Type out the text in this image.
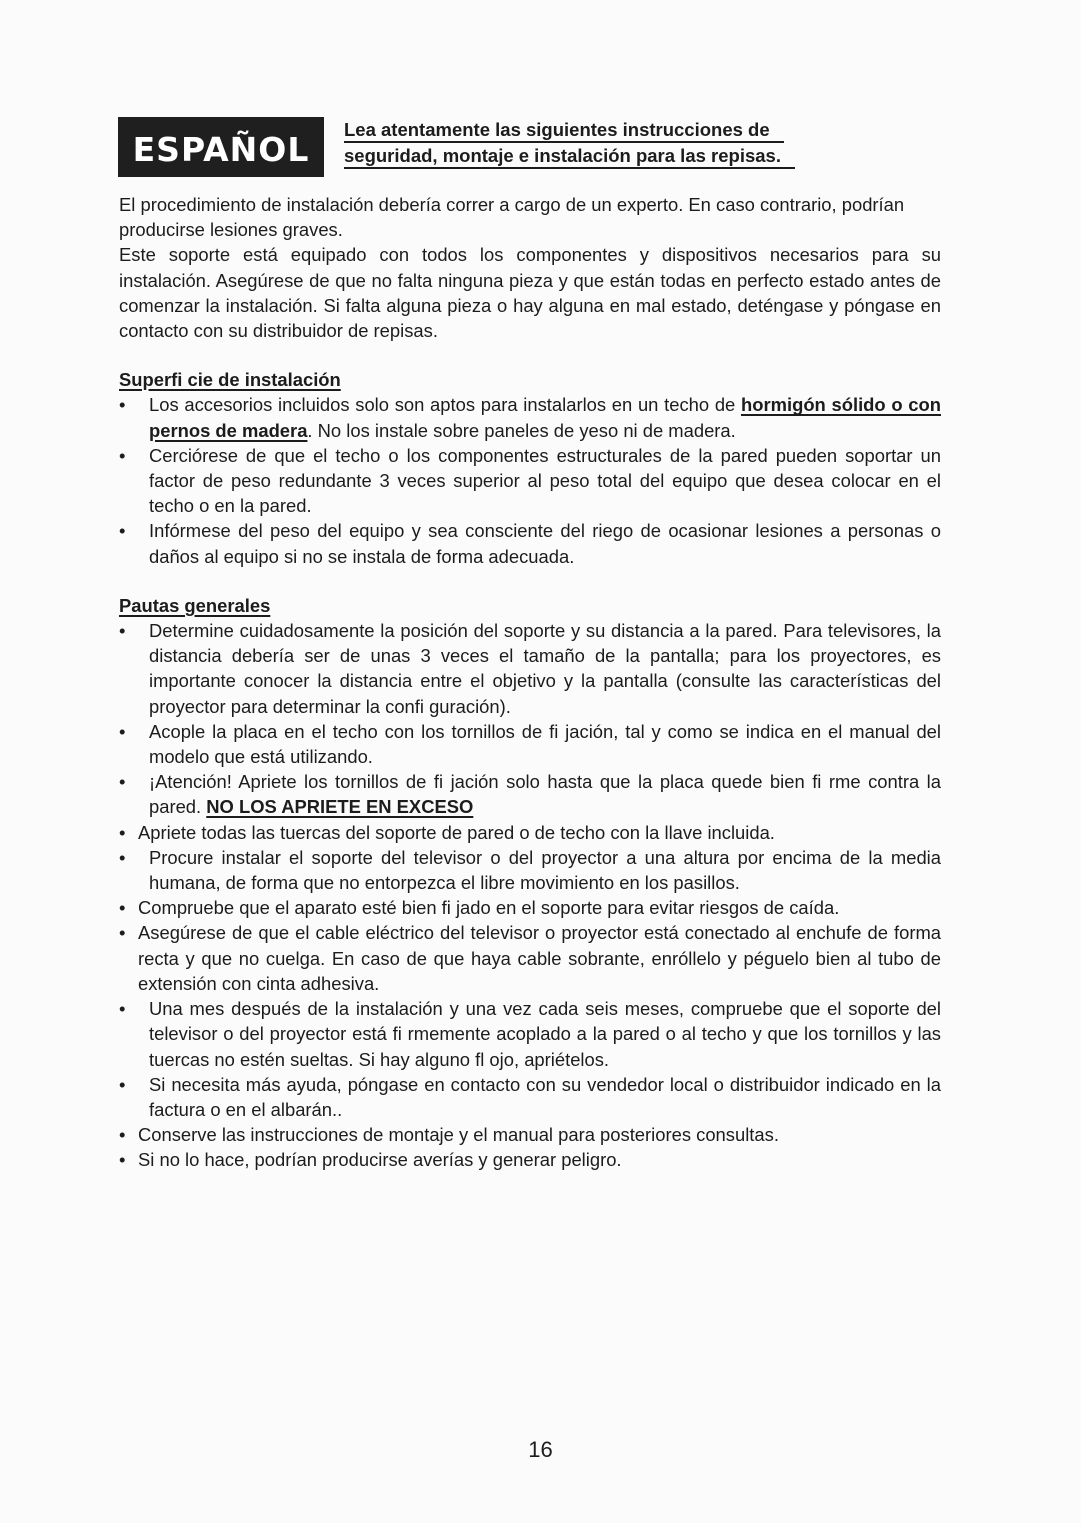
ESPAÑOL	Lea atentamente las siguientes instrucciones de
seguridad, montaje e instalación para las repisas.

El procedimiento de instalación debería correr a cargo de un experto. En caso contrario, podrían producirse lesiones graves.

Este soporte está equipado con todos los componentes y dispositivos necesarios para su instalación. Asegúrese de que no falta ninguna pieza y que están todas en perfecto estado antes de comenzar la instalación. Si falta alguna pieza o hay alguna en mal estado, deténgase y póngase en contacto con su distribuidor de repisas.

Superfi cie de instalación
• Los accesorios incluidos solo son aptos para instalarlos en un techo de hormigón sólido o con pernos de madera. No los instale sobre paneles de yeso ni de madera.
• Cerciórese de que el techo o los componentes estructurales de la pared pueden soportar un factor de peso redundante 3 veces superior al peso total del equipo que desea colocar en el techo o en la pared.
• Infórmese del peso del equipo y sea consciente del riego de ocasionar lesiones a personas o daños al equipo si no se instala de forma adecuada.
Pautas generales
• Determine cuidadosamente la posición del soporte y su distancia a la pared. Para televisores, la distancia debería ser de unas 3 veces el tamaño de la pantalla; para los proyectores, es importante conocer la distancia entre el objetivo y la pantalla (consulte las características del proyector para determinar la confi guración).
• Acople la placa en el techo con los tornillos de fi jación, tal y como se indica en el manual del modelo que está utilizando.
• ¡Atención! Apriete los tornillos de fi jación solo hasta que la placa quede bien fi rme contra la pared. NO LOS APRIETE EN EXCESO
• Apriete todas las tuercas del soporte de pared o de techo con la llave incluida.
• Procure instalar el soporte del televisor o del proyector a una altura por encima de la media humana, de forma que no entorpezca el libre movimiento en los pasillos.
• Compruebe que el aparato esté bien fi jado en el soporte para evitar riesgos de caída.
• Asegúrese de que el cable eléctrico del televisor o proyector está conectado al enchufe de forma recta y que no cuelga. En caso de que haya cable sobrante, enróllelo y péguelo bien al tubo de extensión con cinta adhesiva.
• Una mes después de la instalación y una vez cada seis meses, compruebe que el soporte del televisor o del proyector está fi rmemente acoplado a la pared o al techo y que los tornillos y las tuercas no estén sueltas. Si hay alguno fl ojo, apriételos.
• Si necesita más ayuda, póngase en contacto con su vendedor local o distribuidor indicado en la factura o en el albarán..
• Conserve las instrucciones de montaje y el manual para posteriores consultas.
• Si no lo hace, podrían producirse averías y generar peligro.
16
